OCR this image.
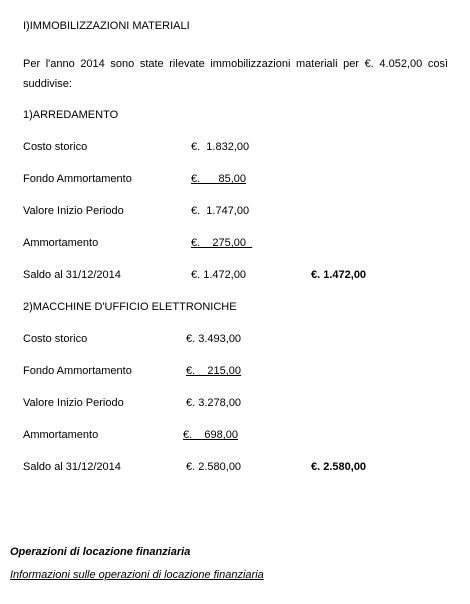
I)IMMOBILIZZAZIONI MATERIALI
Per l'anno 2014 sono state rilevate immobilizzazioni materiali per €. 4.052,00 così suddivise:
1)ARREDAMENTO
Costo storico	€.  1.832,00
Fondo Ammortamento	€.      85,00
Valore Inizio Periodo	€.  1.747,00
Ammortamento	€.    275,00
Saldo al 31/12/2014	€. 1.472,00	€. 1.472,00
2)MACCHINE D'UFFICIO ELETTRONICHE
Costo storico	€. 3.493,00
Fondo Ammortamento	€.    215,00
Valore Inizio Periodo	€. 3.278,00
Ammortamento	€.    698,00
Saldo al 31/12/2014	€. 2.580,00	€. 2.580,00
Operazioni di locazione finanziaria
Informazioni sulle operazioni di locazione finanziaria
